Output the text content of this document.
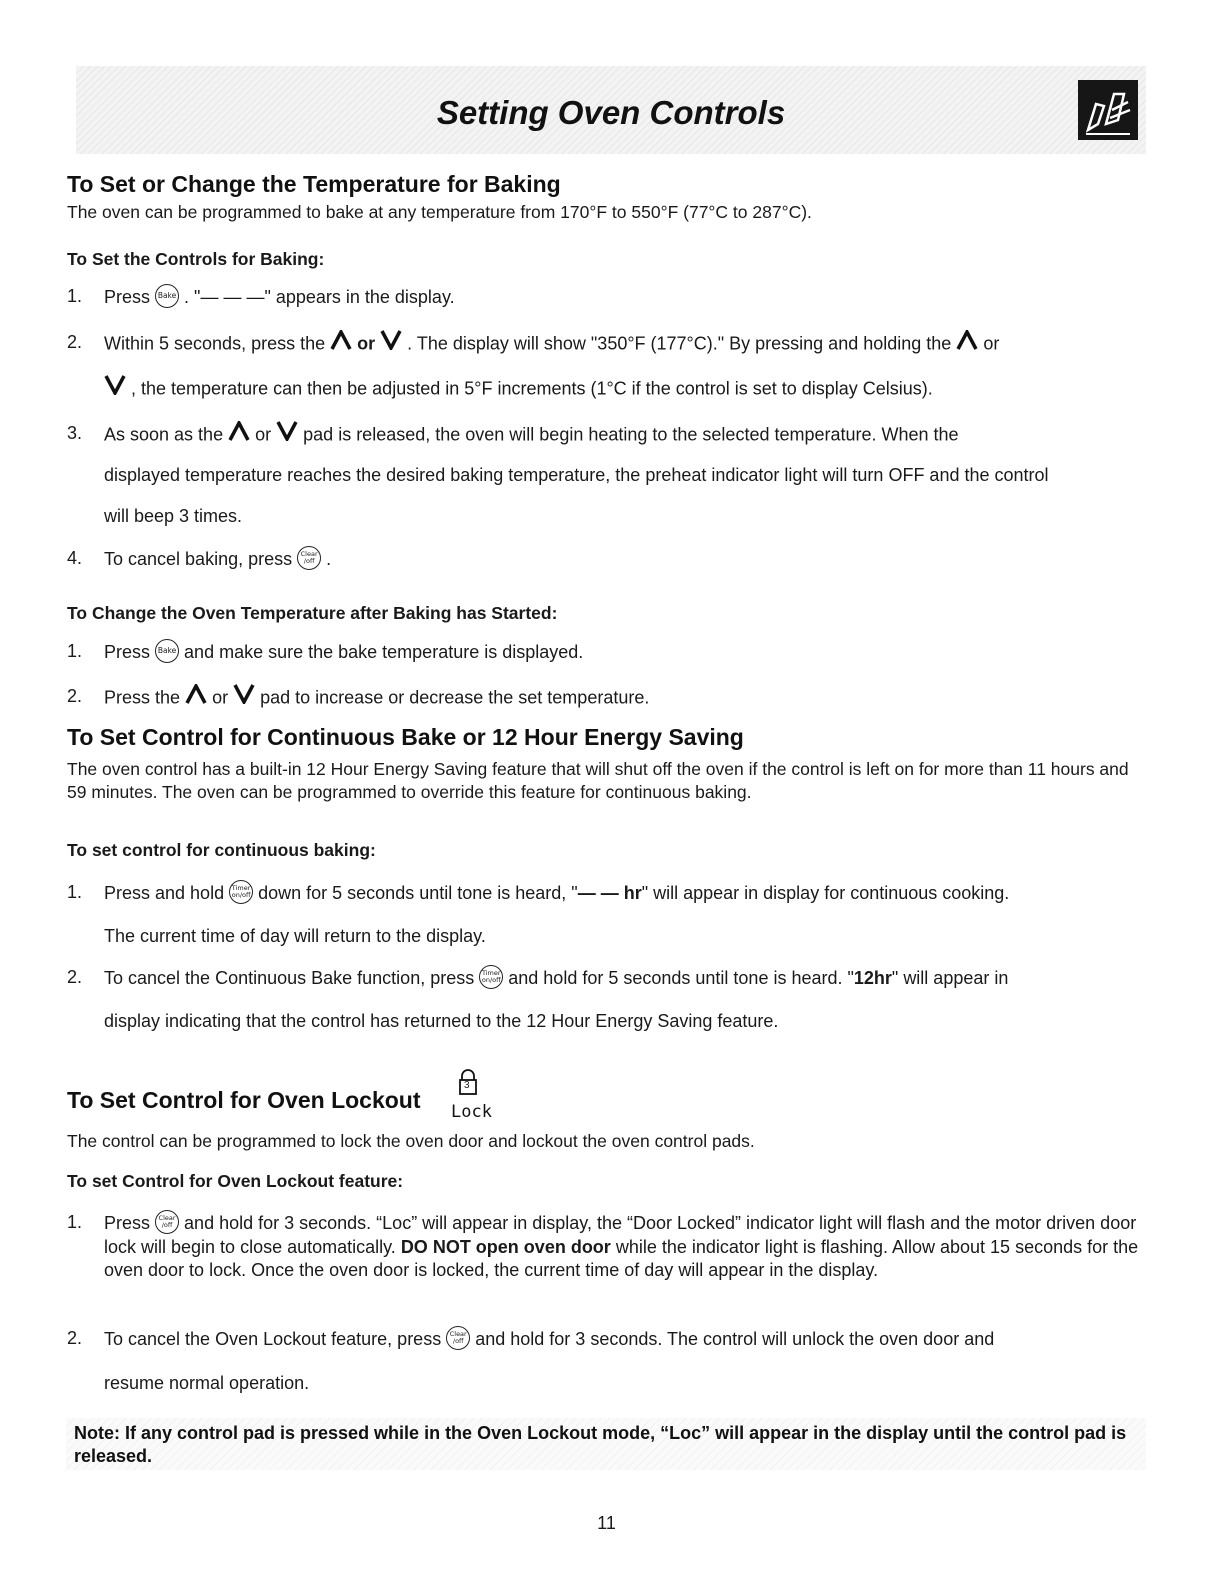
Setting Oven Controls
To Set or Change the Temperature for Baking

The oven can be programmed to bake at any temperature from 170°F to 550°F (77°C to 287°C).

To Set the Controls for Baking:

1. Press Bake . "— — —" appears in the display.
2. Within 5 seconds, press the or . The display will show "350°F (177°C)." By pressing and holding the or
, the temperature can then be adjusted in 5°F increments (1°C if the control is set to display Celsius).
3. As soon as the or pad is released, the oven will begin heating to the selected temperature. When the
displayed temperature reaches the desired baking temperature, the preheat indicator light will turn OFF and the control
will beep 3 times.
4. To cancel baking, press Clear
/off .

To Change the Oven Temperature after Baking has Started:

1. Press Bake and make sure the bake temperature is displayed.
2. Press the or pad to increase or decrease the set temperature.
To Set Control for Continuous Bake or 12 Hour Energy Saving

The oven control has a built-in 12 Hour Energy Saving feature that will shut off the oven if the control is left on for more than 11 hours and 59 minutes. The oven can be programmed to override this feature for continuous baking.

To set control for continuous baking:

1. Press and hold Timer
on/off down for 5 seconds until tone is heard, "— — hr" will appear in display for continuous cooking.
The current time of day will return to the display.
2. To cancel the Continuous Bake function, press Timer
on/off and hold for 5 seconds until tone is heard. "12hr" will appear in
display indicating that the control has returned to the 12 Hour Energy Saving feature.
To Set Control for Oven Lockout
3
Lock

The control can be programmed to lock the oven door and lockout the oven control pads.

To set Control for Oven Lockout feature:

1. Press Clear
/off and hold for 3 seconds. “Loc” will appear in display, the “Door Locked” indicator light will flash and the motor driven door lock will begin to close automatically. DO NOT open oven door while the indicator light is flashing. Allow about 15 seconds for the oven door to lock. Once the oven door is locked, the current time of day will appear in the display.
2. To cancel the Oven Lockout feature, press Clear
/off and hold for 3 seconds. The control will unlock the oven door and
resume normal operation.
Note: If any control pad is pressed while in the Oven Lockout mode, “Loc” will appear in the display until the control pad is released.
11
